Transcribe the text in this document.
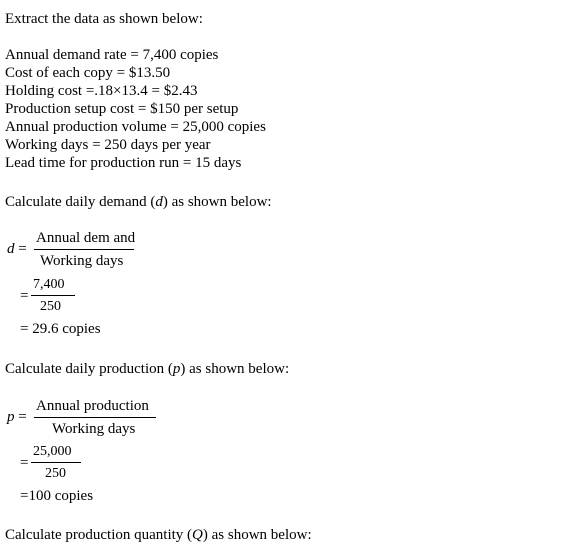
Extract the data as shown below:
Annual demand rate = 7,400 copies
Cost of each copy = $13.50
Holding cost =.18×13.4 = $2.43
Production setup cost = $150 per setup
Annual production volume = 25,000 copies
Working days = 250 days per year
Lead time for production run = 15 days
Calculate daily demand (d) as shown below:
d =
Annual dem and
Working days
=
7,400
250
= 29.6 copies
Calculate daily production (p) as shown below:
p =
Annual production
Working days
=
25,000
250
=100 copies
Calculate production quantity (Q) as shown below:
